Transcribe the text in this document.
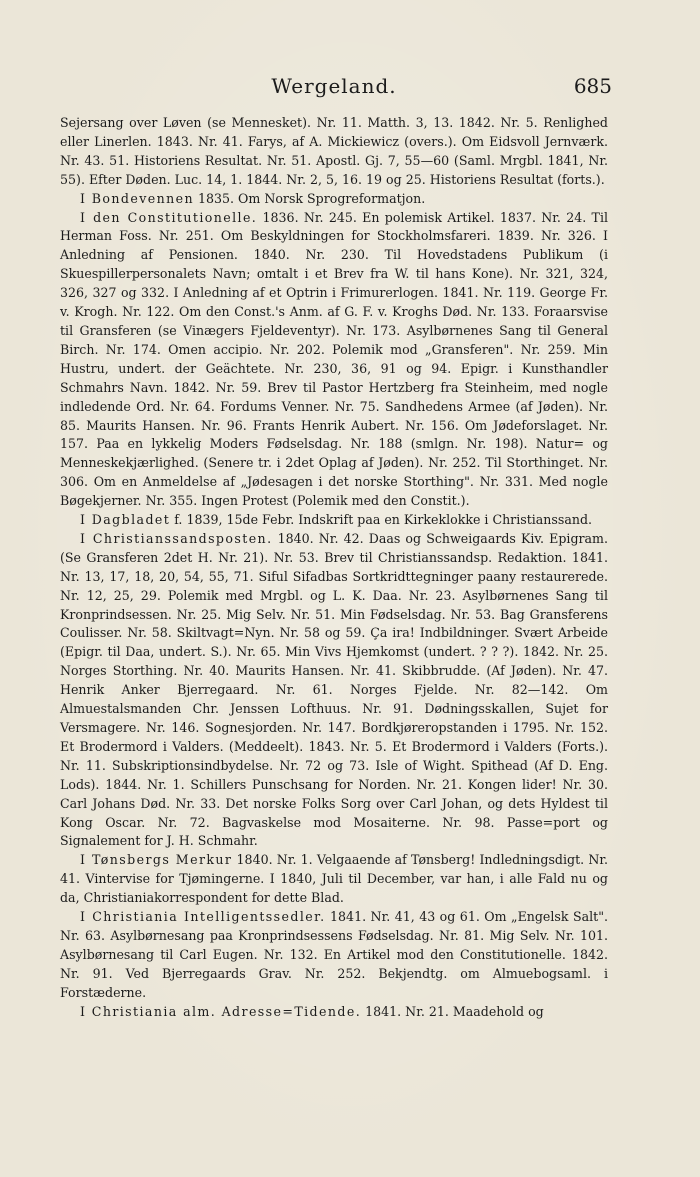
Wergeland.	685

Sejersang over Løven (se Mennesket). Nr. 11. Matth. 3, 13. 1842. Nr. 5. Renlighed eller Linerlen. 1843. Nr. 41. Farys, af A. Mickiewicz (overs.). Om Eidsvoll Jernværk. Nr. 43. 51. Historiens Resultat. Nr. 51. Apostl. Gj. 7, 55—60 (Saml. Mrgbl. 1841, Nr. 55). Efter Døden. Luc. 14, 1. 1844. Nr. 2, 5, 16. 19 og 25. Historiens Resultat (forts.).

I Bondevennen 1835. Om Norsk Sprogreformatjon.

I den Constitutionelle. 1836. Nr. 245. En polemisk Artikel. 1837. Nr. 24. Til Herman Foss. Nr. 251. Om Beskyldningen for Stockholmsfareri. 1839. Nr. 326. I Anledning af Pensionen. 1840. Nr. 230. Til Hovedstadens Publikum (i Skuespillerpersonalets Navn; omtalt i et Brev fra W. til hans Kone). Nr. 321, 324, 326, 327 og 332. I Anledning af et Optrin i Frimurerlogen. 1841. Nr. 119. George Fr. v. Krogh. Nr. 122. Om den Const.'s Anm. af G. F. v. Kroghs Død. Nr. 133. Foraarsvise til Gransferen (se Vinægers Fjeldeventyr). Nr. 173. Asylbørnenes Sang til General Birch. Nr. 174. Omen accipio. Nr. 202. Polemik mod „Gransferen". Nr. 259. Min Hustru, undert. der Geächtete. Nr. 230, 36, 91 og 94. Epigr. i Kunsthandler Schmahrs Navn. 1842. Nr. 59. Brev til Pastor Hertzberg fra Steinheim, med nogle indledende Ord. Nr. 64. Fordums Venner. Nr. 75. Sandhedens Armee (af Jøden). Nr. 85. Maurits Hansen. Nr. 96. Frants Henrik Aubert. Nr. 156. Om Jødeforslaget. Nr. 157. Paa en lykkelig Moders Fødselsdag. Nr. 188 (smlgn. Nr. 198). Natur= og Menneskekjærlighed. (Senere tr. i 2det Oplag af Jøden). Nr. 252. Til Storthinget. Nr. 306. Om en Anmeldelse af „Jødesagen i det norske Storthing". Nr. 331. Med nogle Bøgekjerner. Nr. 355. Ingen Protest (Polemik med den Constit.).

I Dagbladet f. 1839, 15de Febr. Indskrift paa en Kirkeklokke i Christianssand.

I Christianssandsposten. 1840. Nr. 42. Daas og Schweigaards Kiv. Epigram. (Se Gransferen 2det H. Nr. 21). Nr. 53. Brev til Christianssandsp. Redaktion. 1841. Nr. 13, 17, 18, 20, 54, 55, 71. Siful Sifadbas Sortkridttegninger paany restaurerede. Nr. 12, 25, 29. Polemik med Mrgbl. og L. K. Daa. Nr. 23. Asylbørnenes Sang til Kronprindsessen. Nr. 25. Mig Selv. Nr. 51. Min Fødselsdag. Nr. 53. Bag Gransferens Coulisser. Nr. 58. Skiltvagt=Nyn. Nr. 58 og 59. Ça ira! Indbildninger. Svært Arbeide (Epigr. til Daa, undert. S.). Nr. 65. Min Vivs Hjemkomst (undert. ? ? ?). 1842. Nr. 25. Norges Storthing. Nr. 40. Maurits Hansen. Nr. 41. Skibbrudde. (Af Jøden). Nr. 47. Henrik Anker Bjerregaard. Nr. 61. Norges Fjelde. Nr. 82—142. Om Almuestalsmanden Chr. Jenssen Lofthuus. Nr. 91. Dødningsskallen, Sujet for Versmagere. Nr. 146. Sognesjorden. Nr. 147. Bordkjøreropstanden i 1795. Nr. 152. Et Brodermord i Valders. (Meddeelt). 1843. Nr. 5. Et Brodermord i Valders (Forts.). Nr. 11. Subskriptionsindbydelse. Nr. 72 og 73. Isle of Wight. Spithead (Af D. Eng. Lods). 1844. Nr. 1. Schillers Punschsang for Norden. Nr. 21. Kongen lider! Nr. 30. Carl Johans Død. Nr. 33. Det norske Folks Sorg over Carl Johan, og dets Hyldest til Kong Oscar. Nr. 72. Bagvaskelse mod Mosaiterne. Nr. 98. Passe=port og Signalement for J. H. Schmahr.

I Tønsbergs Merkur 1840. Nr. 1. Velgaaende af Tønsberg! Indledningsdigt. Nr. 41. Vintervise for Tjømingerne. I 1840, Juli til December, var han, i alle Fald nu og da, Christianiakorrespondent for dette Blad.

I Christiania Intelligentssedler. 1841. Nr. 41, 43 og 61. Om „Engelsk Salt". Nr. 63. Asylbørnesang paa Kronprindsessens Fødselsdag. Nr. 81. Mig Selv. Nr. 101. Asylbørnesang til Carl Eugen. Nr. 132. En Artikel mod den Constitutionelle. 1842. Nr. 91. Ved Bjerregaards Grav. Nr. 252. Bekjendtg. om Almuebogsaml. i Forstæderne.

I Christiania alm. Adresse=Tidende. 1841. Nr. 21. Maadehold og
